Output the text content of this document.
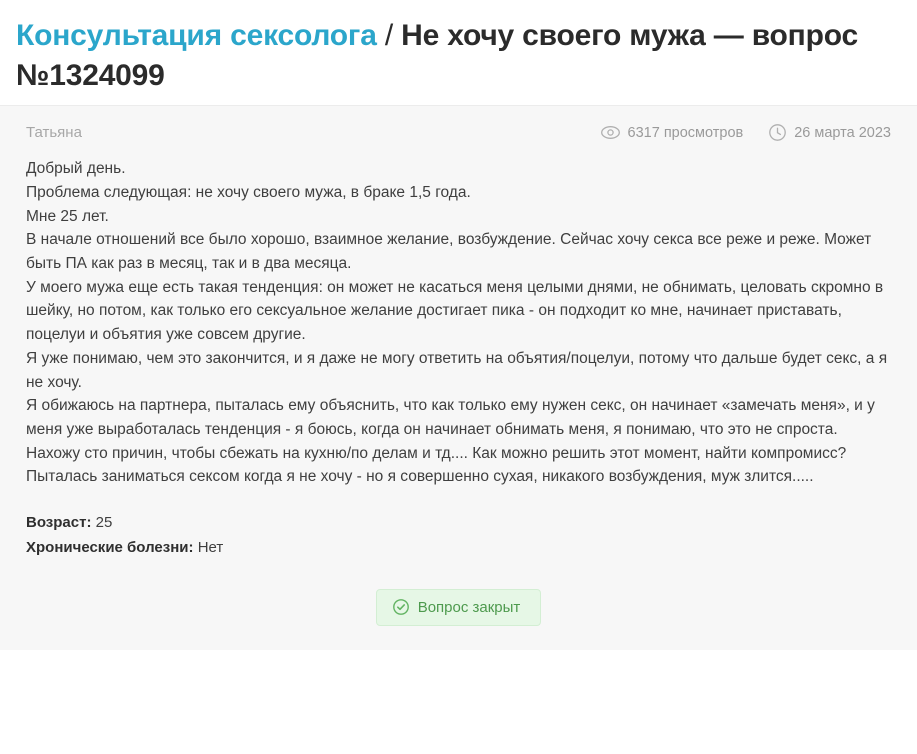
Консультация сексолога / Не хочу своего мужа — вопрос №1324099
Татьяна	6317 просмотров	26 марта 2023

Добрый день.

Проблема следующая: не хочу своего мужа, в браке 1,5 года.

Мне 25 лет.

В начале отношений все было хорошо, взаимное желание, возбуждение. Сейчас хочу секса все реже и реже. Может быть ПА как раз в месяц, так и в два месяца.

У моего мужа еще есть такая тенденция: он может не касаться меня целыми днями, не обнимать, целовать скромно в шейку, но потом, как только его сексуальное желание достигает пика - он подходит ко мне, начинает приставать, поцелуи и объятия уже совсем другие.

Я уже понимаю, чем это закончится, и я даже не могу ответить на объятия/поцелуи, потому что дальше будет секс, а я не хочу.

Я обижаюсь на партнера, пыталась ему объяснить, что как только ему нужен секс, он начинает «замечать меня», и у меня уже выработалась тенденция - я боюсь, когда он начинает обнимать меня, я понимаю, что это не спроста. Нахожу сто причин, чтобы сбежать на кухню/по делам и тд.... Как можно решить этот момент, найти компромисс? Пыталась заниматься сексом когда я не хочу - но я совершенно сухая, никакого возбуждения, муж злится.....

Возраст: 25
Хронические болезни: Нет
Вопрос закрыт
